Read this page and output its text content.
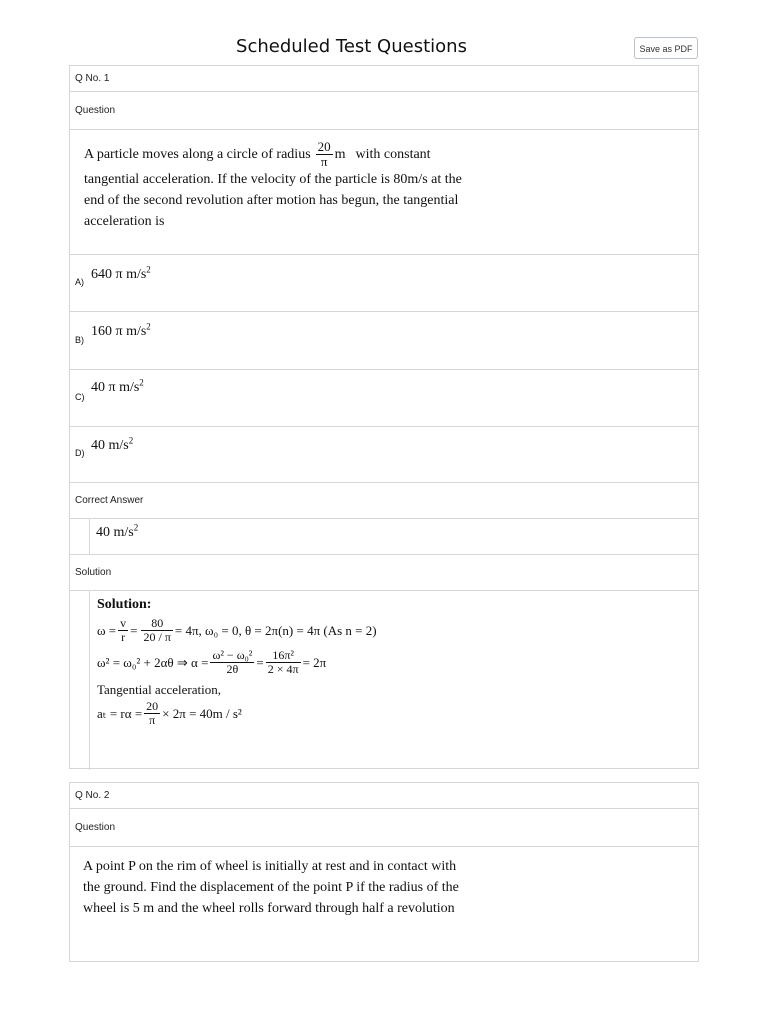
Scheduled Test Questions	Save as PDF
Q No. 1
Question
A particle moves along a circle of radius $\frac{20}{\pi}$ m with constant
tangential acceleration. If the velocity of the particle is 80m/s at the end of the second revolution after motion has begun, the tangential acceleration is
A) 640 π $m/s^2$
B)
160 π $m/s^2$
C)
40 π $m/s^2$
D) 40 $m/s^2$
Correct Answer
40 $m/s^2$
Solution
Solution:
$\omega = \frac{v}{r} = \frac{80}{20 / \pi} = 4\pi$, ω₀ = 0, θ = 2π(n) = 4π (As n = 2)
ω² = ω₀² + 2αθ ⇒ $\alpha = \frac{\text{ω² − ω₀²}}{2\theta} = \frac{\text{16π²}}{2 \times 4\pi} = 2\pi$
Tangential acceleration,
$a_t = r\alpha = \frac{20}{\pi} \times 2\pi = 40m / s^2$
Q No. 2
Question
A point P on the rim of wheel is initially at rest and in contact with the ground. Find the displacement of the point P if the radius of the wheel is 5 m and the wheel rolls forward through half a revolution
